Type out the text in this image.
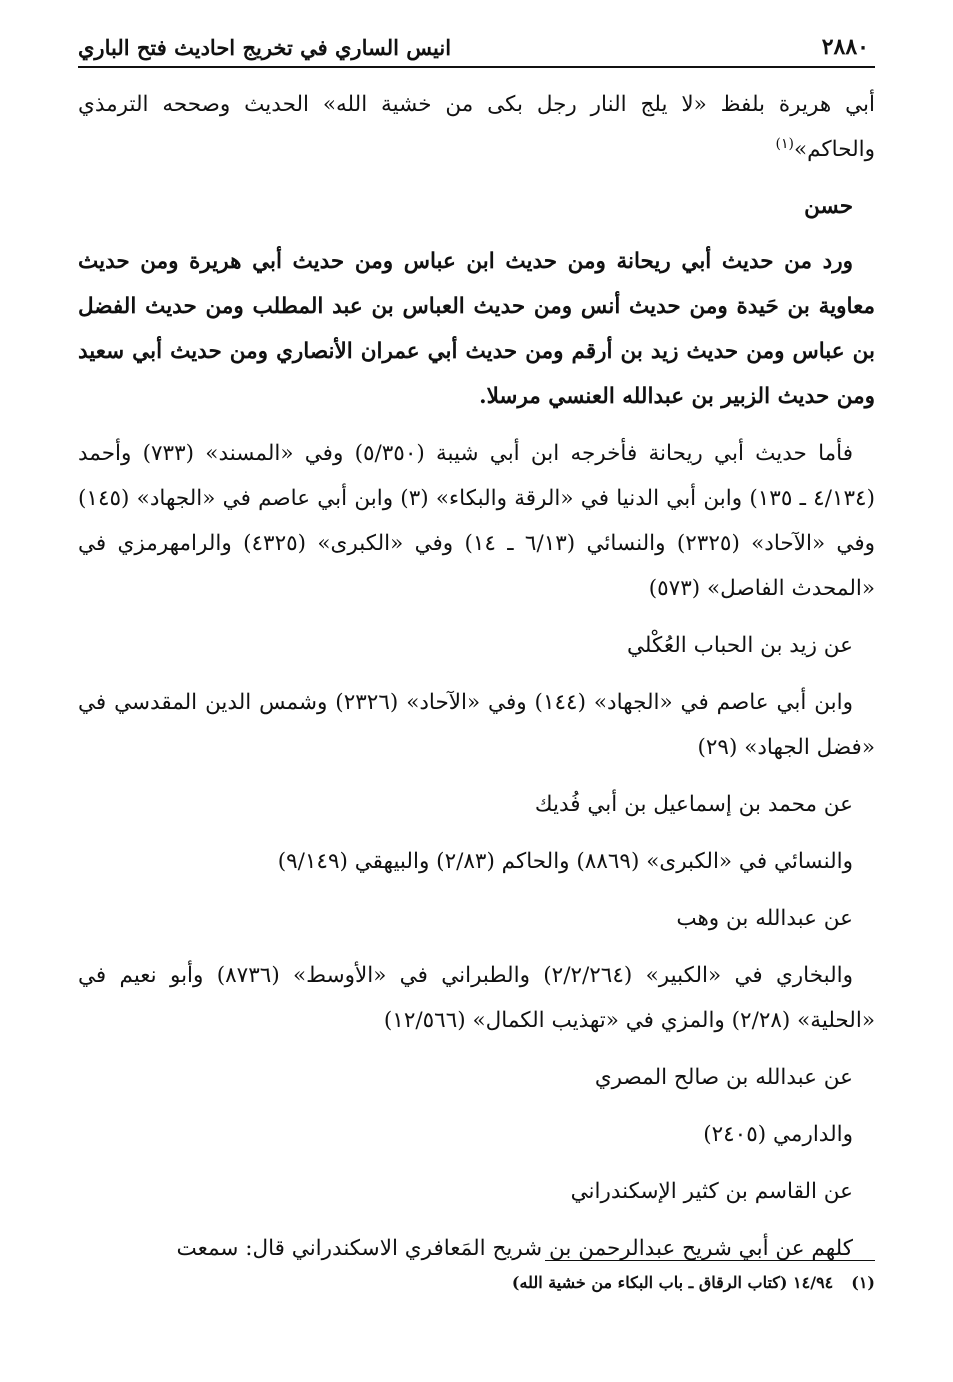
٢٨٨٠
انيس الساري في تخريج احاديث فتح الباري

أبي هريرة بلفظ «لا يلج النار رجل بكى من خشية الله» الحديث وصححه الترمذي والحاكم»$^{(١)}$

حسن

ورد من حديث أبي ريحانة ومن حديث ابن عباس ومن حديث أبي هريرة ومن حديث معاوية بن حَيدة ومن حديث أنس ومن حديث العباس بن عبد المطلب ومن حديث الفضل بن عباس ومن حديث زيد بن أرقم ومن حديث أبي عمران الأنصاري ومن حديث أبي سعيد ومن حديث الزبير بن عبدالله العنسي مرسلا.

فأما حديث أبي ريحانة فأخرجه ابن أبي شيبة (٥/٣٥٠) وفي «المسند» (٧٣٣) وأحمد (٤/١٣٤ ـ ١٣٥) وابن أبي الدنيا في «الرقة والبكاء» (٣) وابن أبي عاصم في «الجهاد» (١٤٥) وفي «الآحاد» (٢٣٢٥) والنسائي (٦/١٣ ـ ١٤) وفي «الكبرى» (٤٣٢٥) والرامهرمزي في «المحدث الفاصل» (٥٧٣)

عن زيد بن الحباب العُكْلي

وابن أبي عاصم في «الجهاد» (١٤٤) وفي «الآحاد» (٢٣٢٦) وشمس الدين المقدسي في «فضل الجهاد» (٢٩)

عن محمد بن إسماعيل بن أبي فُديك

والنسائي في «الكبرى» (٨٨٦٩) والحاكم (٢/٨٣) والبيهقي (٩/١٤٩)

عن عبدالله بن وهب

والبخاري في «الكبير» (٢/٢/٢٦٤) والطبراني في «الأوسط» (٨٧٣٦) وأبو نعيم في «الحلية» (٢/٢٨) والمزي في «تهذيب الكمال» (١٢/٥٦٦)

عن عبدالله بن صالح المصري

والدارمي (٢٤٠٥)

عن القاسم بن كثير الإسكندراني

كلهم عن أبي شريح عبدالرحمن بن شريح المَعافري الاسكندراني قال: سمعت

(١)١٤/٩٤ (كتاب الرقاق ـ باب البكاء من خشية الله)
